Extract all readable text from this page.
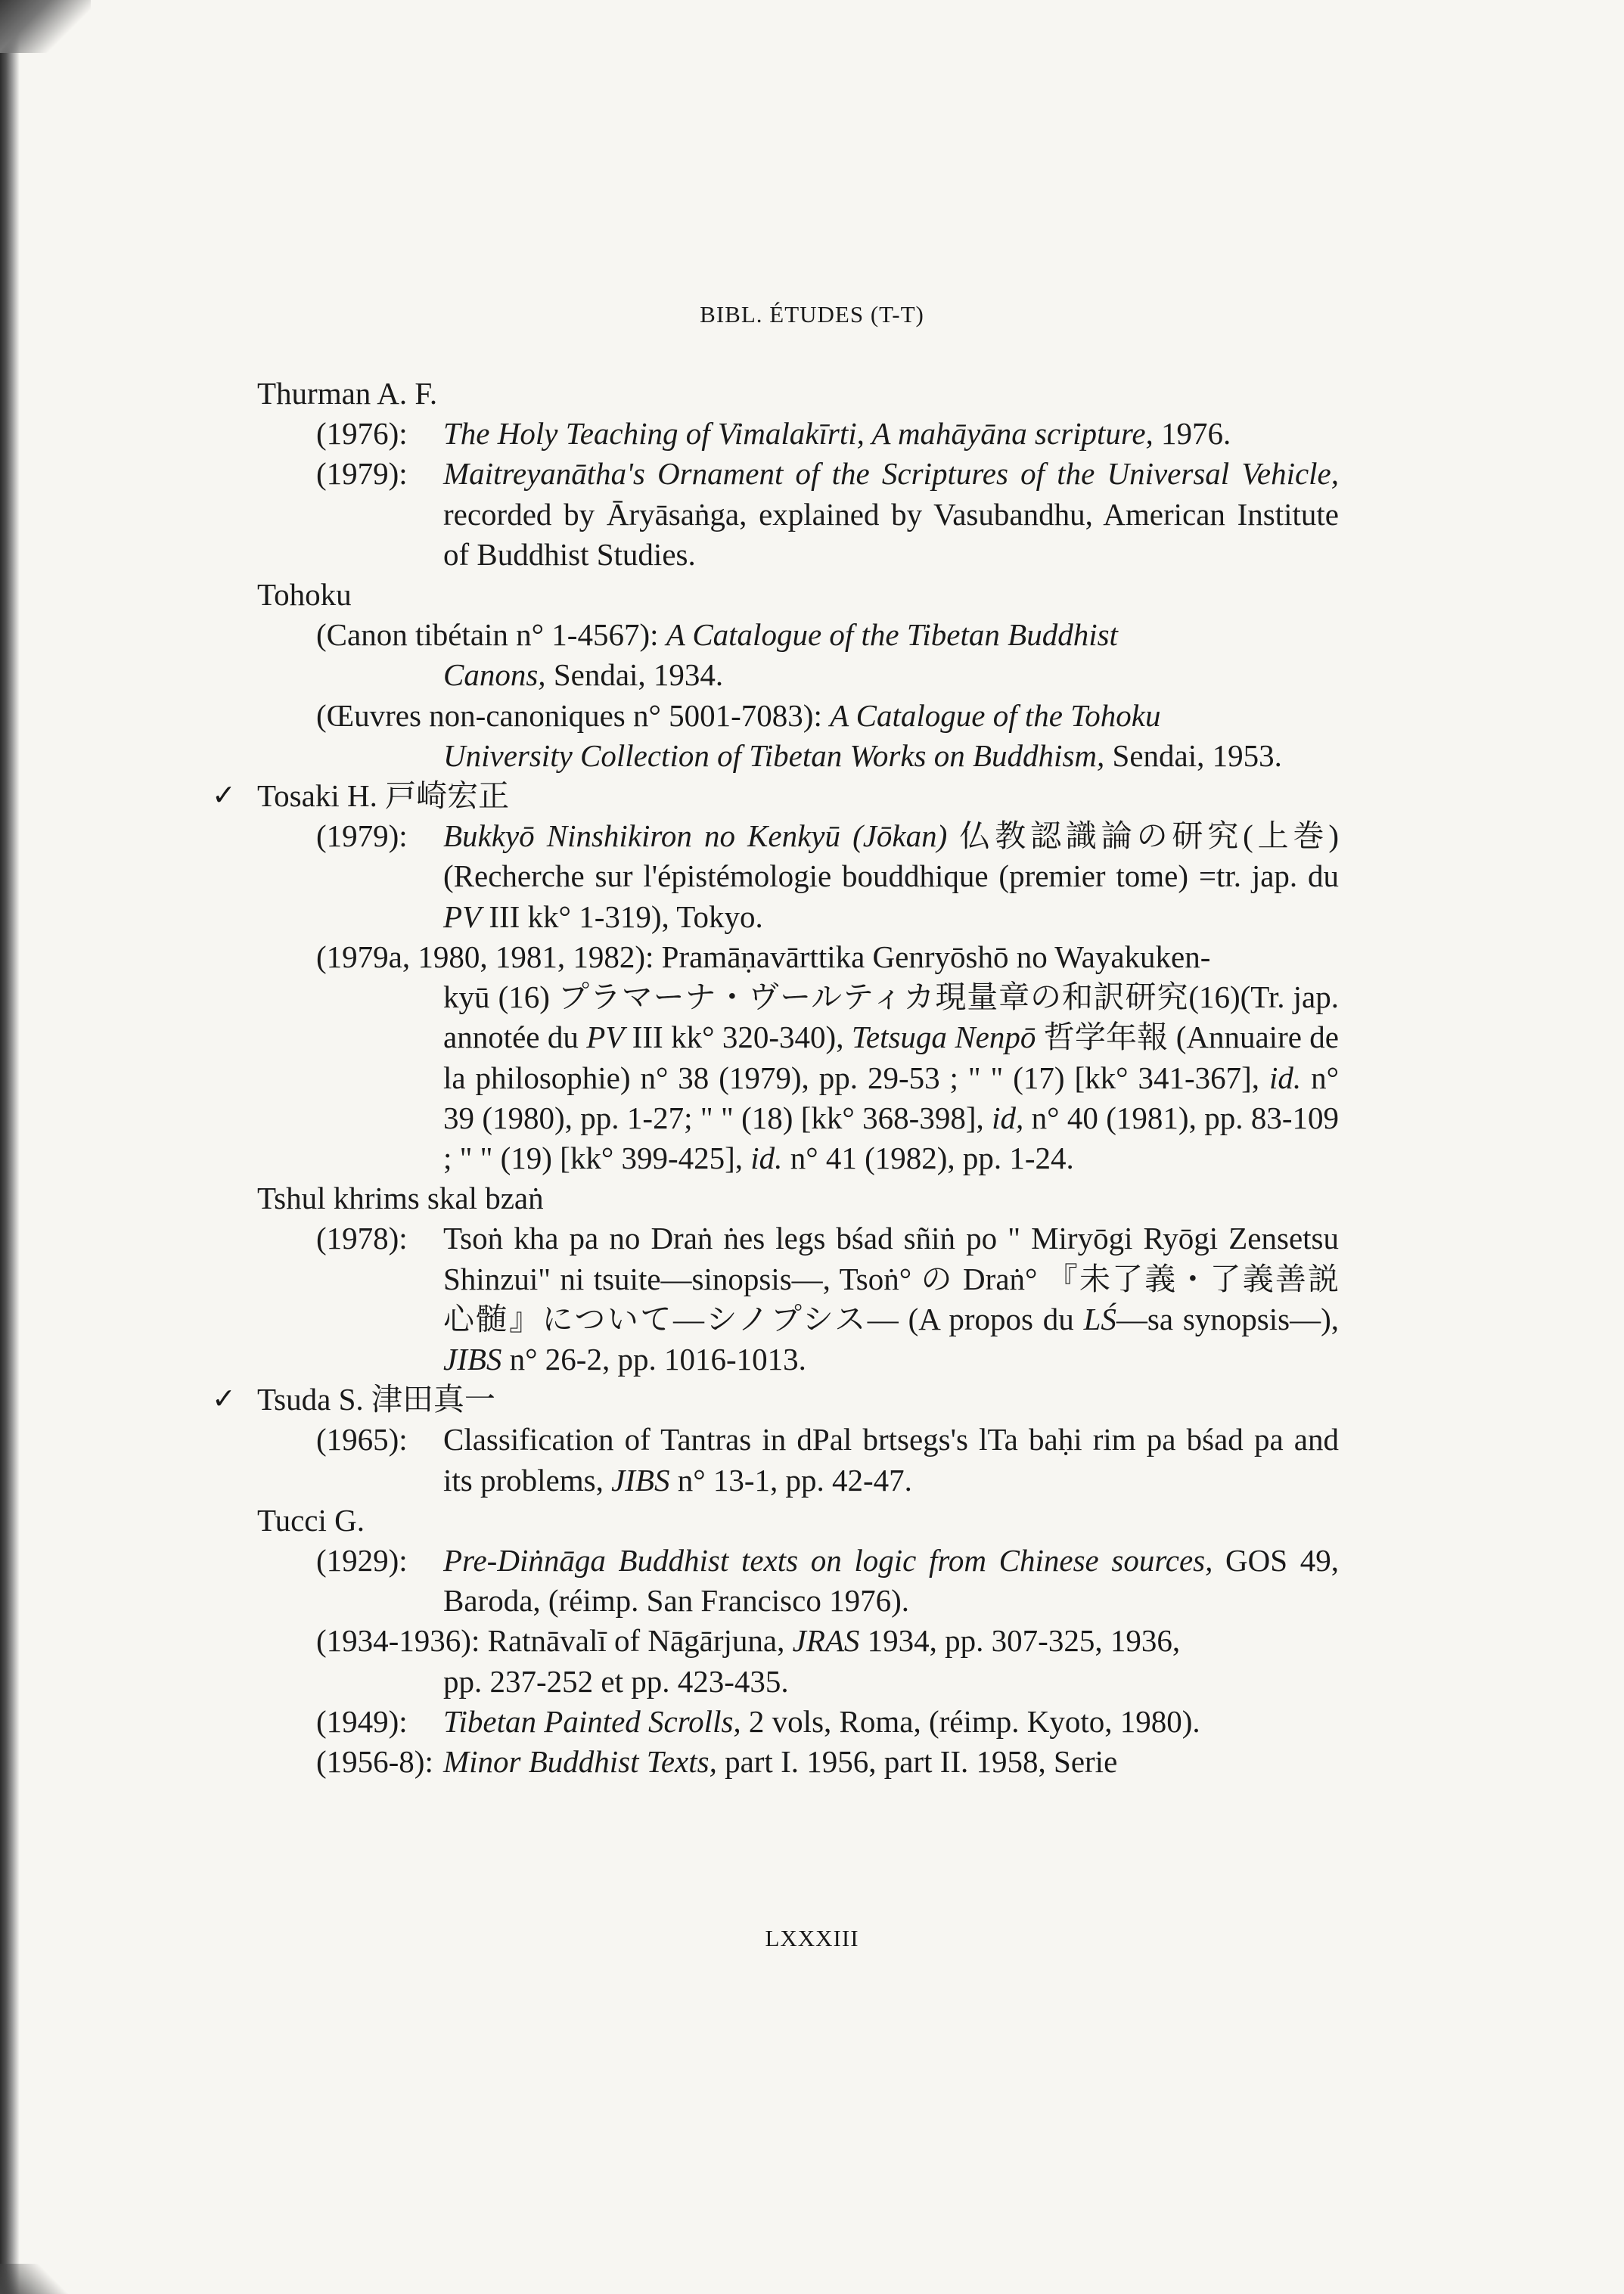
BIBL. ÉTUDES (T-T)

Thurman A. F.

(1976): The Holy Teaching of Vimalakīrti, A mahāyāna scripture, 1976.

(1979): Maitreyanātha's Ornament of the Scriptures of the Universal Vehicle, recorded by Āryāsaṅga, explained by Vasubandhu, American Institute of Buddhist Studies.

Tohoku

(Canon tibétain n° 1-4567): A Catalogue of the Tibetan Buddhist
Canons, Sendai, 1934.

(Œuvres non-canoniques n° 5001-7083): A Catalogue of the Tohoku
University Collection of Tibetan Works on Buddhism, Sendai, 1953.

✓ Tosaki H. 戸崎宏正

(1979): Bukkyō Ninshikiron no Kenkyū (Jōkan) 仏教認識論の研究(上巻) (Recherche sur l'épistémologie bouddhique (premier tome) =tr. jap. du PV III kk° 1-319), Tokyo.

(1979a, 1980, 1981, 1982): Pramāṇavārttika Genryōshō no Wayakuken-
kyū (16) プラマーナ・ヴールティカ現量章の和訳研究(16)(Tr. jap. annotée du PV III kk° 320-340), Tetsuga Nenpō 哲学年報 (Annuaire de la philosophie) n° 38 (1979), pp. 29-53 ; " " (17) [kk° 341-367], id. n° 39 (1980), pp. 1-27; " " (18) [kk° 368-398], id, n° 40 (1981), pp. 83-109 ; " " (19) [kk° 399-425], id. n° 41 (1982), pp. 1-24.

Tshul khrims skal bzaṅ

(1978): Tsoṅ kha pa no Draṅ ṅes legs bśad sñiṅ po " Miryōgi Ryōgi Zensetsu Shinzui" ni tsuite—sinopsis—, Tsoṅ° の Draṅ° 『未了義・了義善説心髄』について—シノプシス— (A propos du LŚ—sa synopsis—), JIBS n° 26-2, pp. 1016-1013.

✓ Tsuda S. 津田真一

(1965): Classification of Tantras in dPal brtsegs's lTa baḥi rim pa bśad pa and its problems, JIBS n° 13-1, pp. 42-47.

Tucci G.

(1929): Pre-Diṅnāga Buddhist texts on logic from Chinese sources, GOS 49, Baroda, (réimp. San Francisco 1976).

(1934-1936): Ratnāvalī of Nāgārjuna, JRAS 1934, pp. 307-325, 1936,
pp. 237-252 et pp. 423-435.

(1949): Tibetan Painted Scrolls, 2 vols, Roma, (réimp. Kyoto, 1980).

(1956-8): Minor Buddhist Texts, part I. 1956, part II. 1958, Serie

LXXXIII
